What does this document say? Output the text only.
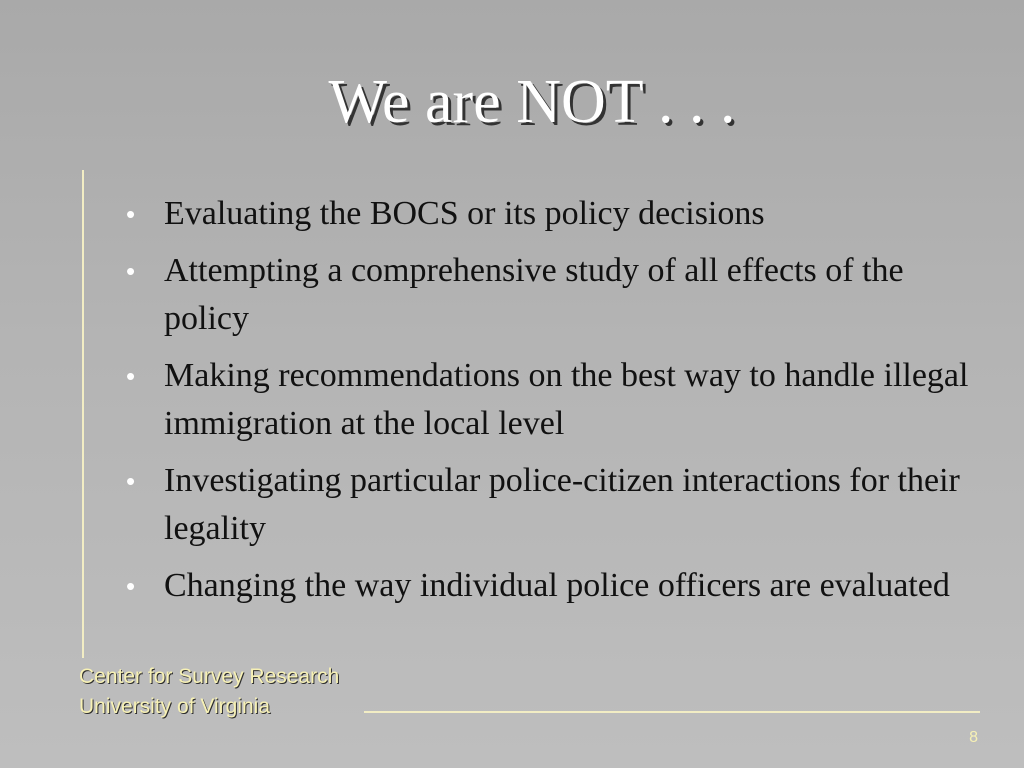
We are NOT . . .
• Evaluating the BOCS or its policy decisions
• Attempting a comprehensive study of all effects of the policy
• Making recommendations on the best way to handle illegal immigration at the local level
• Investigating particular police-citizen interactions for their legality
• Changing the way individual police officers are evaluated
Center for Survey Research
University of Virginia
8
